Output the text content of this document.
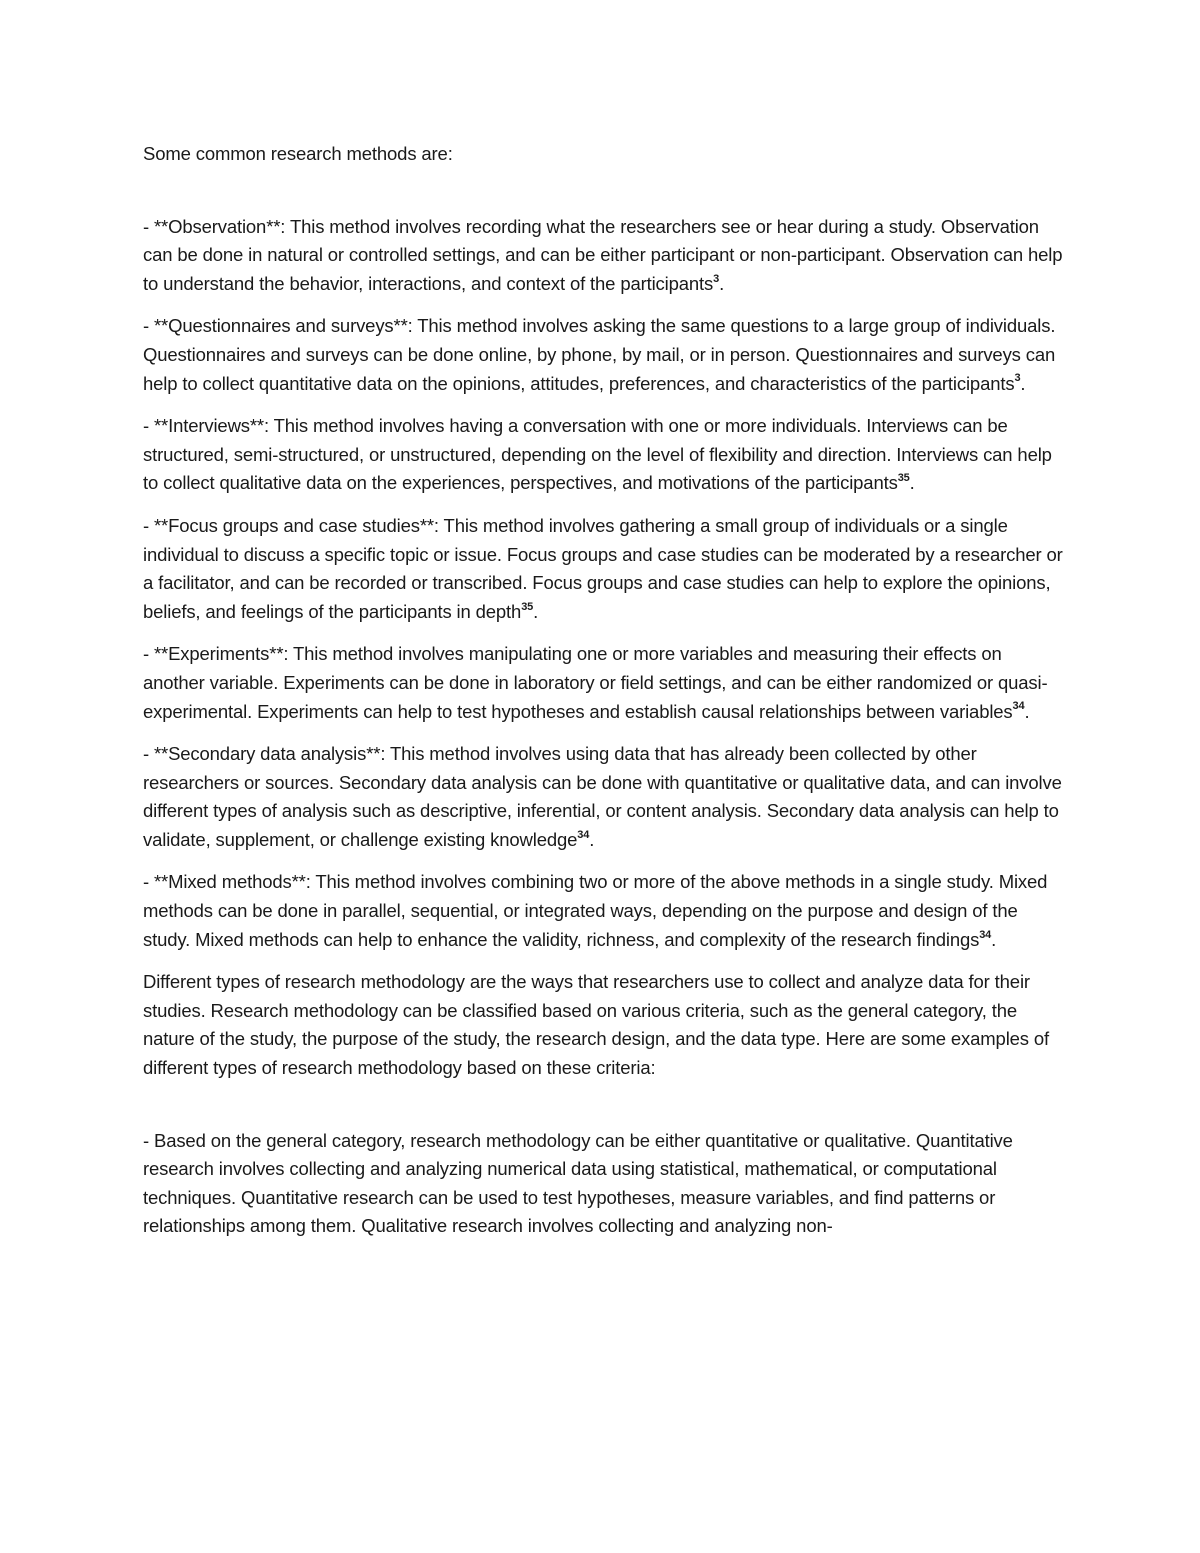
Some common research methods are:

- **Observation**: This method involves recording what the researchers see or hear during a study. Observation can be done in natural or controlled settings, and can be either participant or non-participant. Observation can help to understand the behavior, interactions, and context of the participants$^3$.

- **Questionnaires and surveys**: This method involves asking the same questions to a large group of individuals. Questionnaires and surveys can be done online, by phone, by mail, or in person. Questionnaires and surveys can help to collect quantitative data on the opinions, attitudes, preferences, and characteristics of the participants$^3$.

- **Interviews**: This method involves having a conversation with one or more individuals. Interviews can be structured, semi-structured, or unstructured, depending on the level of flexibility and direction. Interviews can help to collect qualitative data on the experiences, perspectives, and motivations of the participants$^{35}$.

- **Focus groups and case studies**: This method involves gathering a small group of individuals or a single individual to discuss a specific topic or issue. Focus groups and case studies can be moderated by a researcher or a facilitator, and can be recorded or transcribed. Focus groups and case studies can help to explore the opinions, beliefs, and feelings of the participants in depth$^{35}$.

- **Experiments**: This method involves manipulating one or more variables and measuring their effects on another variable. Experiments can be done in laboratory or field settings, and can be either randomized or quasi-experimental. Experiments can help to test hypotheses and establish causal relationships between variables$^{34}$.

- **Secondary data analysis**: This method involves using data that has already been collected by other researchers or sources. Secondary data analysis can be done with quantitative or qualitative data, and can involve different types of analysis such as descriptive, inferential, or content analysis. Secondary data analysis can help to validate, supplement, or challenge existing knowledge$^{34}$.

- **Mixed methods**: This method involves combining two or more of the above methods in a single study. Mixed methods can be done in parallel, sequential, or integrated ways, depending on the purpose and design of the study. Mixed methods can help to enhance the validity, richness, and complexity of the research findings$^{34}$.

Different types of research methodology are the ways that researchers use to collect and analyze data for their studies. Research methodology can be classified based on various criteria, such as the general category, the nature of the study, the purpose of the study, the research design, and the data type. Here are some examples of different types of research methodology based on these criteria:

- Based on the general category, research methodology can be either quantitative or qualitative. Quantitative research involves collecting and analyzing numerical data using statistical, mathematical, or computational techniques. Quantitative research can be used to test hypotheses, measure variables, and find patterns or relationships among them. Qualitative research involves collecting and analyzing non-
